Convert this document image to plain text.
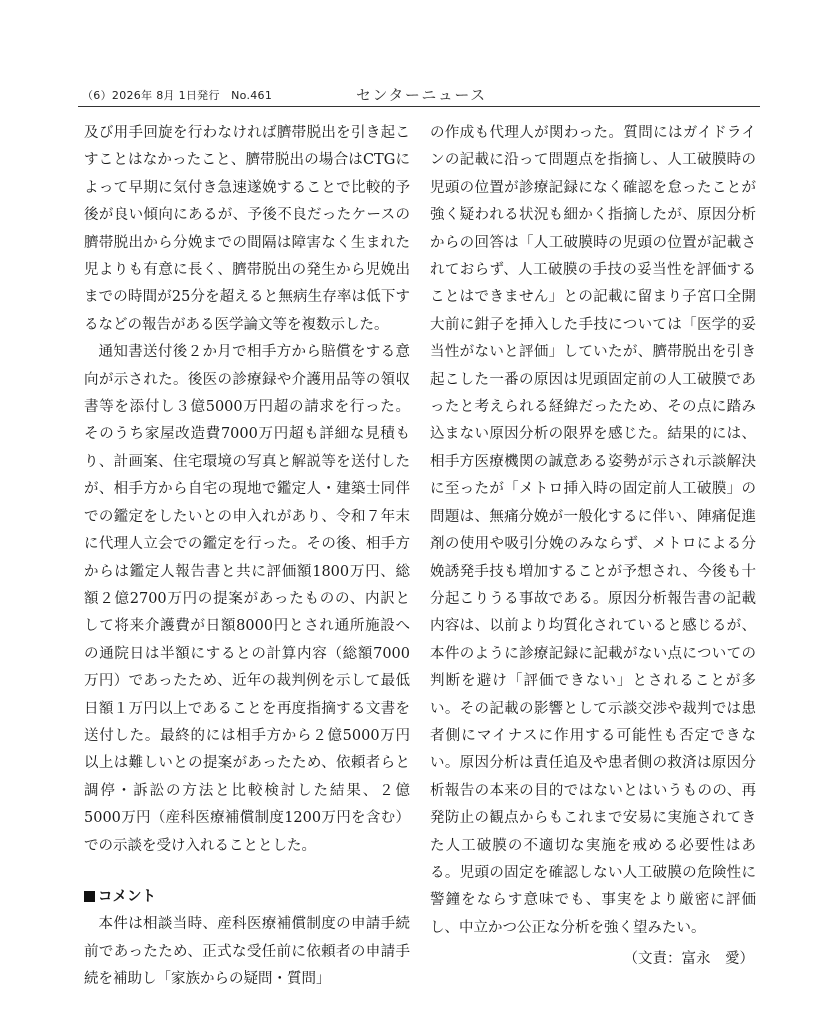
（6）2026年 8月 1日発行　No.461	センターニュース

及び用手回旋を行わなければ臍帯脱出を引き起こすことはなかったこと、臍帯脱出の場合はCTGによって早期に気付き急速遂娩することで比較的予後が良い傾向にあるが、予後不良だったケースの臍帯脱出から分娩までの間隔は障害なく生まれた児よりも有意に長く、臍帯脱出の発生から児娩出までの時間が25分を超えると無病生存率は低下するなどの報告がある医学論文等を複数示した。

通知書送付後２か月で相手方から賠償をする意向が示された。後医の診療録や介護用品等の領収書等を添付し３億5000万円超の請求を行った。そのうち家屋改造費7000万円超も詳細な見積もり、計画案、住宅環境の写真と解説等を送付したが、相手方から自宅の現地で鑑定人・建築士同伴での鑑定をしたいとの申入れがあり、令和７年末に代理人立会での鑑定を行った。その後、相手方からは鑑定人報告書と共に評価額1800万円、総額２億2700万円の提案があったものの、内訳として将来介護費が日額8000円とされ通所施設への通院日は半額にするとの計算内容（総額7000万円）であったため、近年の裁判例を示して最低日額１万円以上であることを再度指摘する文書を送付した。最終的には相手方から２億5000万円以上は難しいとの提案があったため、依頼者らと調停・訴訟の方法と比較検討した結果、２億5000万円（産科医療補償制度1200万円を含む）での示談を受け入れることとした。

コメント

本件は相談当時、産科医療補償制度の申請手続前であったため、正式な受任前に依頼者の申請手続を補助し「家族からの疑問・質問」

の作成も代理人が関わった。質問にはガイドラインの記載に沿って問題点を指摘し、人工破膜時の児頭の位置が診療記録になく確認を怠ったことが強く疑われる状況も細かく指摘したが、原因分析からの回答は「人工破膜時の児頭の位置が記載されておらず、人工破膜の手技の妥当性を評価することはできません」との記載に留まり子宮口全開大前に鉗子を挿入した手技については「医学的妥当性がないと評価」していたが、臍帯脱出を引き起こした一番の原因は児頭固定前の人工破膜であったと考えられる経緯だったため、その点に踏み込まない原因分析の限界を感じた。結果的には、相手方医療機関の誠意ある姿勢が示され示談解決に至ったが「メトロ挿入時の固定前人工破膜」の問題は、無痛分娩が一般化するに伴い、陣痛促進剤の使用や吸引分娩のみならず、メトロによる分娩誘発手技も増加することが予想され、今後も十分起こりうる事故である。原因分析報告書の記載内容は、以前より均質化されていると感じるが、本件のように診療記録に記載がない点についての判断を避け「評価できない」とされることが多い。その記載の影響として示談交渉や裁判では患者側にマイナスに作用する可能性も否定できない。原因分析は責任追及や患者側の救済は原因分析報告の本来の目的ではないとはいうものの、再発防止の観点からもこれまで安易に実施されてきた人工破膜の不適切な実施を戒める必要性はある。児頭の固定を確認しない人工破膜の危険性に警鐘をならす意味でも、事実をより厳密に評価し、中立かつ公正な分析を強く望みたい。

（文責：富永　愛）
